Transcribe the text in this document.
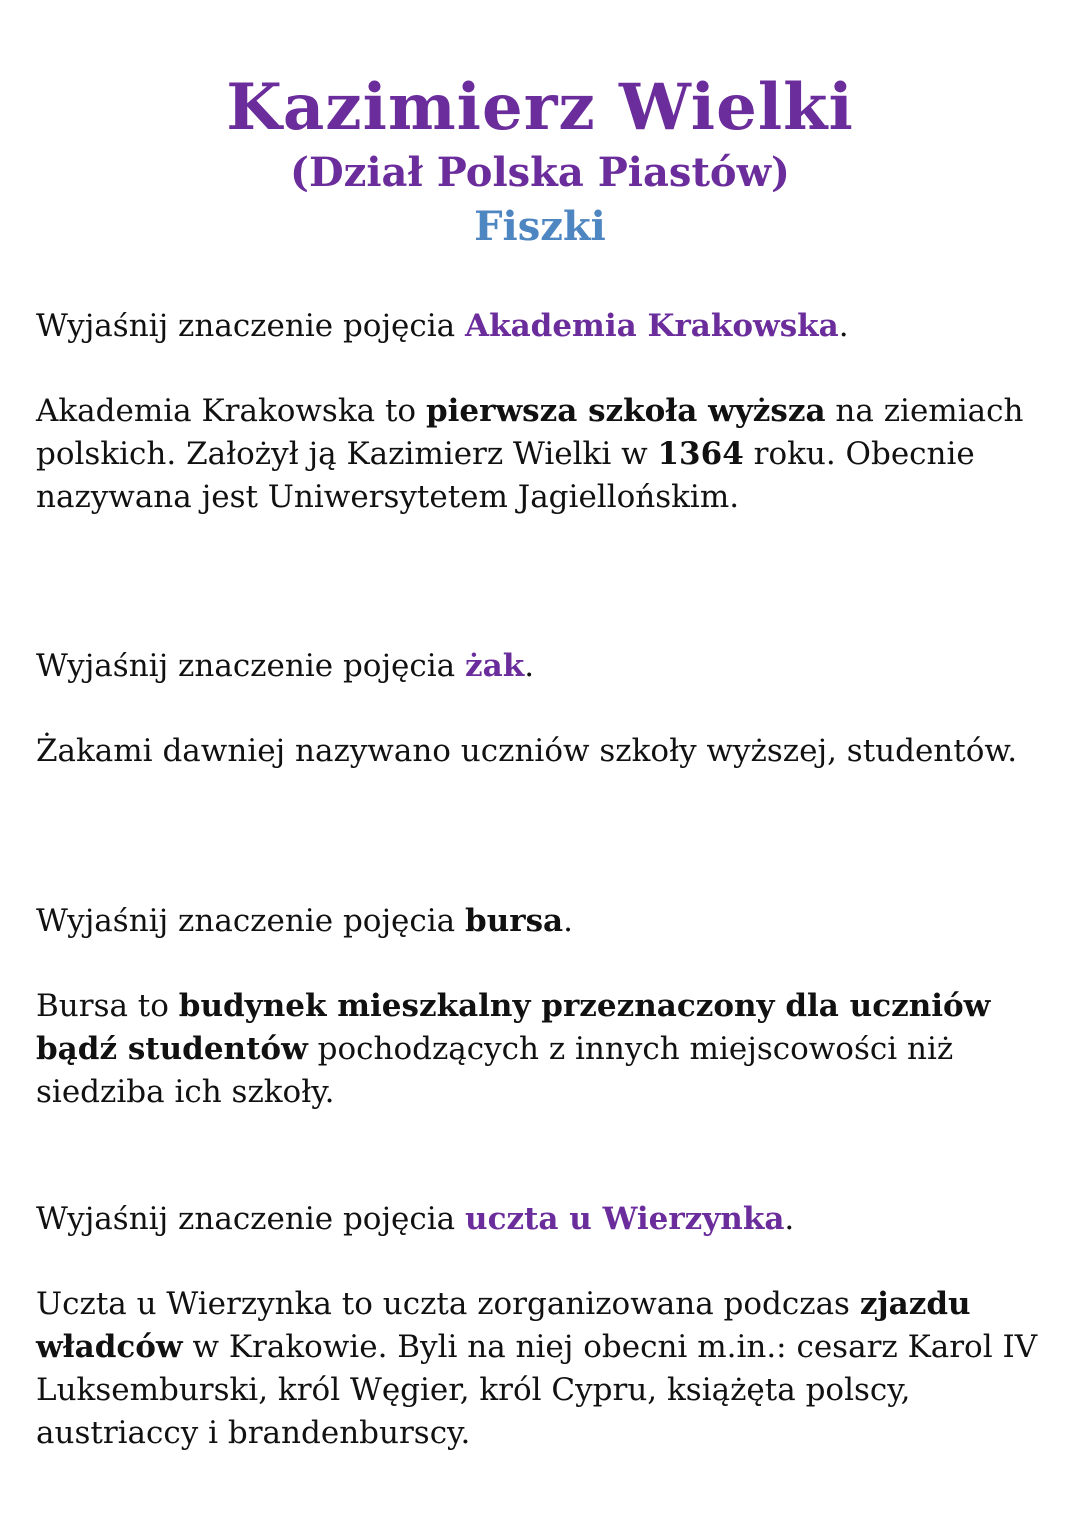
Kazimierz Wielki
(Dział Polska Piastów)
Fiszki

Wyjaśnij znaczenie pojęcia Akademia Krakowska.

Akademia Krakowska to pierwsza szkoła wyższa na ziemiach polskich. Założył ją Kazimierz Wielki w 1364 roku. Obecnie nazywana jest Uniwersytetem Jagiellońskim.

Wyjaśnij znaczenie pojęcia żak.

Żakami dawniej nazywano uczniów szkoły wyższej, studentów.

Wyjaśnij znaczenie pojęcia bursa.

Bursa to budynek mieszkalny przeznaczony dla uczniów bądź studentów pochodzących z innych miejscowości niż siedziba ich szkoły.

Wyjaśnij znaczenie pojęcia uczta u Wierzynka.

Uczta u Wierzynka to uczta zorganizowana podczas zjazdu władców w Krakowie. Byli na niej obecni m.in.: cesarz Karol IV Luksemburski, król Węgier, król Cypru, książęta polscy, austriaccy i brandenburscy.
